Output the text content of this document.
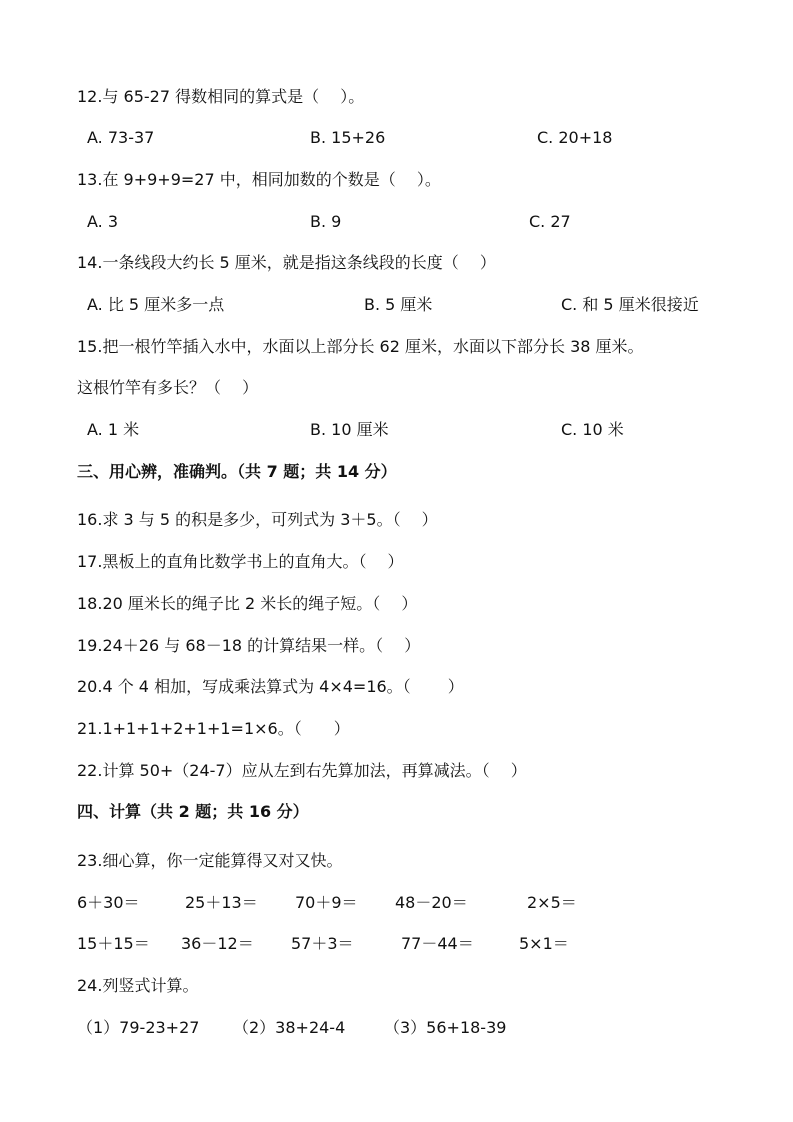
12.与 65-27 得数相同的算式是（　 ）。
A. 73-37	B. 15+26	C. 20+18
13.在 9+9+9=27 中，相同加数的个数是（　 ）。
A. 3	B. 9	C. 27
14.一条线段大约长 5 厘米，就是指这条线段的长度（　 ）
A. 比 5 厘米多一点	B. 5 厘米	C. 和 5 厘米很接近
15.把一根竹竿插入水中，水面以上部分长 62 厘米，水面以下部分长 38 厘米。
这根竹竿有多长？（　 ）
A. 1 米	B. 10 厘米	C. 10 米
三、用心辨，准确判。（共 7 题；共 14 分）
16.求 3 与 5 的积是多少，可列式为 3＋5。（　 ）
17.黑板上的直角比数学书上的直角大。（　 ）
18.20 厘米长的绳子比 2 米长的绳子短。（　 ）
19.24＋26 与 68－18 的计算结果一样。（　 ）
20.4 个 4 相加，写成乘法算式为 4×4=16。（　　 ）
21.1+1+1+2+1+1=1×6。（　　）
22.计算 50+（24-7）应从左到右先算加法，再算减法。（　 ）
四、计算（共 2 题；共 16 分）
23.细心算，你一定能算得又对又快。
6＋30＝	25＋13＝ 70＋9＝ 48－20＝	2×5＝
15＋15＝ 36－12＝ 57＋3＝	77－44＝	5×1＝
24.列竖式计算。
（1）79-23+27 （2）38+24-4 （3）56+18-39
